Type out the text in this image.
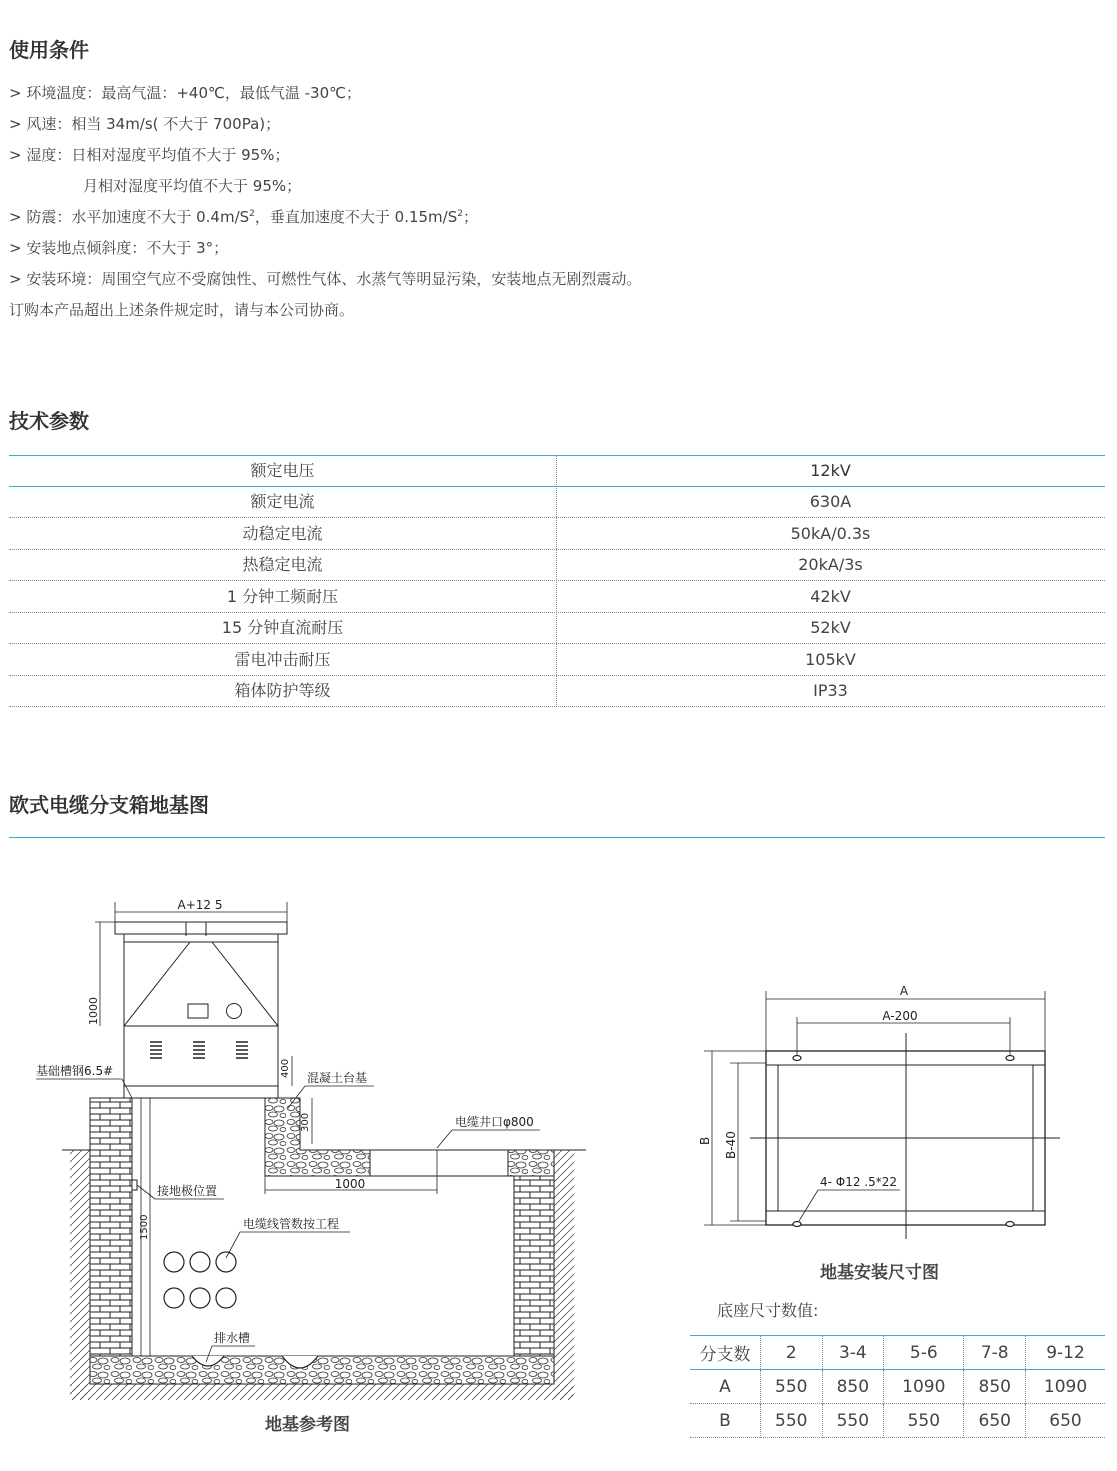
使用条件
> 环境温度：最高气温：+40℃，最低气温 -30℃；
> 风速：相当 34m/s( 不大于 700Pa)；
> 湿度：日相对湿度平均值不大于 95%；
月相对湿度平均值不大于 95%；
> 防震：水平加速度不大于 $0.4m/S^2$，垂直加速度不大于 $0.15m/S^2$；
> 安装地点倾斜度：不大于 3°；
> 安装环境：周围空气应不受腐蚀性、可燃性气体、水蒸气等明显污染，安装地点无剧烈震动。
订购本产品超出上述条件规定时，请与本公司协商。
技术参数
额定电压	12kV
额定电流	630A
动稳定电流	50kA/0.3s
热稳定电流	20kA/3s
1 分钟工频耐压	42kV
15 分钟直流耐压	52kV
雷电冲击耐压	105kV
箱体防护等级	IP33
欧式电缆分支箱地基图
A+12 5
1000
400
300
1000
1500
基础槽钢6.5#	混凝土台基
电缆井口φ800
接地极位置
电缆线管数按工程
排水槽
地基参考图
A
A-200
B B-40
4- Φ12 .5*22
地基安装尺寸图
底座尺寸数值:
分支数	2	3-4	5-6	7-8	9-12
A	550	850	1090	850	1090
B	550	550	550	650	650
